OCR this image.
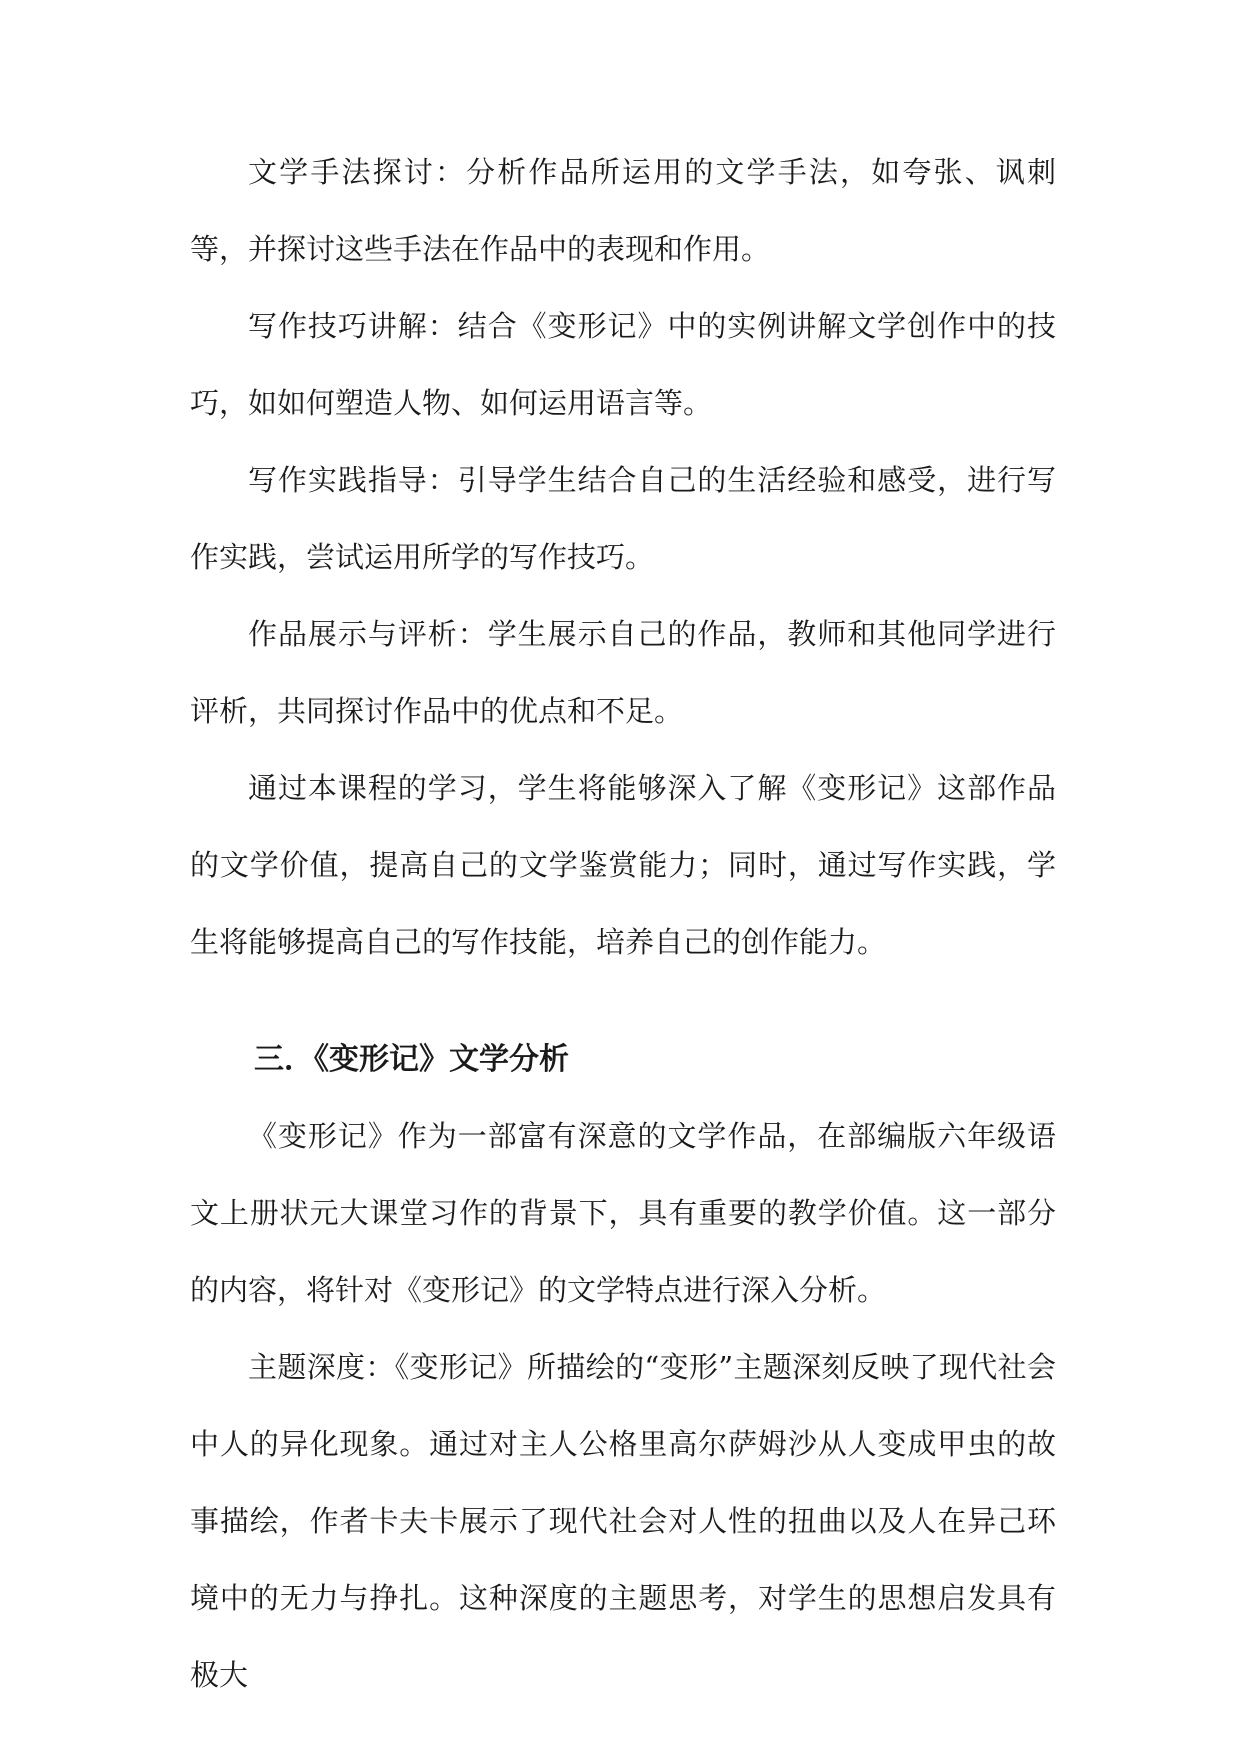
文学手法探讨：分析作品所运用的文学手法，如夸张、讽刺等，并探讨这些手法在作品中的表现和作用。

写作技巧讲解：结合《变形记》中的实例讲解文学创作中的技巧，如如何塑造人物、如何运用语言等。

写作实践指导：引导学生结合自己的生活经验和感受，进行写作实践，尝试运用所学的写作技巧。

作品展示与评析：学生展示自己的作品，教师和其他同学进行评析，共同探讨作品中的优点和不足。

通过本课程的学习，学生将能够深入了解《变形记》这部作品的文学价值，提高自己的文学鉴赏能力；同时，通过写作实践，学生将能够提高自己的写作技能，培养自己的创作能力。

三．《变形记》文学分析

《变形记》作为一部富有深意的文学作品，在部编版六年级语文上册状元大课堂习作的背景下，具有重要的教学价值。这一部分的内容，将针对《变形记》的文学特点进行深入分析。

主题深度：《变形记》所描绘的“变形”主题深刻反映了现代社会中人的异化现象。通过对主人公格里高尔萨姆沙从人变成甲虫的故事描绘，作者卡夫卡展示了现代社会对人性的扭曲以及人在异己环境中的无力与挣扎。这种深度的主题思考，对学生的思想启发具有极大
